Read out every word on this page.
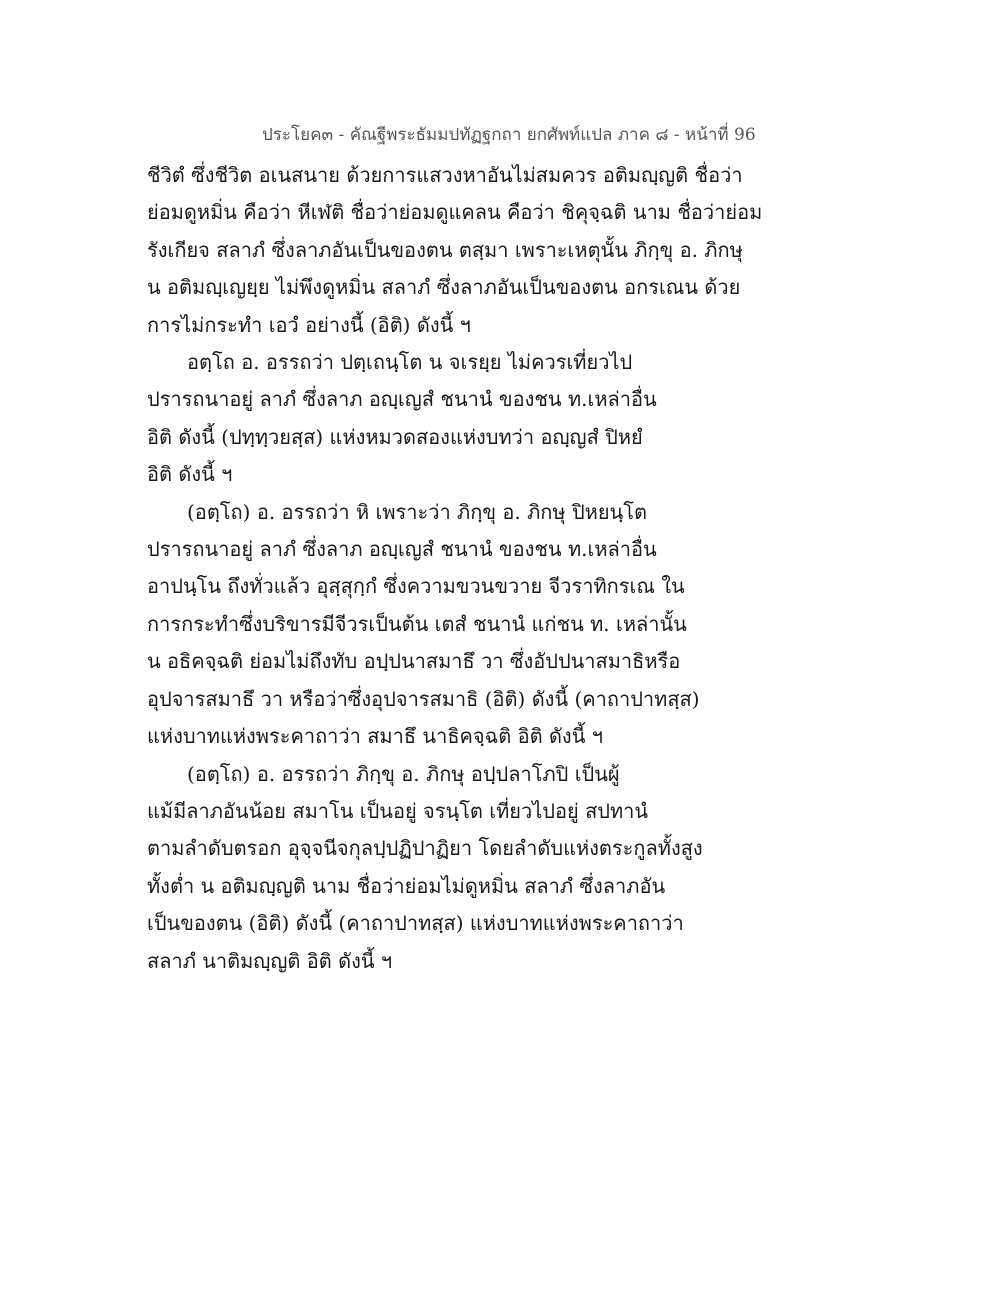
ประโยค๓ - คัณฐีพระธัมมปทัฏฐกถา ยกศัพท์แปล ภาค ๘ - หน้าที่ 96

ชีวิตํ ซึ่งชีวิต อเนสนาย ด้วยการแสวงหาอันไม่สมควร อติมญฺญติ ชื่อว่า
ย่อมดูหมิ่น คือว่า หีเฬติ ชื่อว่าย่อมดูแคลน คือว่า ชิคุจฺฉติ นาม ชื่อว่าย่อม
รังเกียจ สลาภํ ซึ่งลาภอันเป็นของตน ตสฺมา เพราะเหตุนั้น ภิกฺขุ อ. ภิกษุ
น อติมญฺเญยฺย ไม่พึงดูหมิ่น สลาภํ ซึ่งลาภอันเป็นของตน อกรเณน ด้วย
การไม่กระทำ เอวํ อย่างนี้ (อิติ) ดังนี้ ฯ

อตฺโถ อ. อรรถว่า ปตฺเถนฺโต น จเรยฺย ไม่ควรเที่ยวไป
ปรารถนาอยู่ ลาภํ ซึ่งลาภ อญฺเญสํ ชนานํ ของชน ท.เหล่าอื่น
อิติ ดังนี้ (ปทฺทฺวยสฺส) แห่งหมวดสองแห่งบทว่า อญฺญสํ ปิหยํ
อิติ ดังนี้ ฯ

(อตฺโถ) อ. อรรถว่า หิ เพราะว่า ภิกฺขุ อ. ภิกษุ ปิหยนฺโต
ปรารถนาอยู่ ลาภํ ซึ่งลาภ อญฺเญสํ ชนานํ ของชน ท.เหล่าอื่น
อาปนฺโน ถึงทั่วแล้ว อุสฺสุกฺกํ ซึ่งความขวนขวาย จีวราทิกรเณ ใน
การกระทำซึ่งบริขารมีจีวรเป็นต้น เตสํ ชนานํ แก่ชน ท. เหล่านั้น
น อธิคจฺฉติ ย่อมไม่ถึงทับ อปฺปนาสมาธึ วา ซึ่งอัปปนาสมาธิหรือ
อุปจารสมาธึ วา หรือว่าซึ่งอุปจารสมาธิ (อิติ) ดังนี้ (คาถาปาทสฺส)
แห่งบาทแห่งพระคาถาว่า สมาธึ นาธิคจฺฉติ อิติ ดังนี้ ฯ

(อตฺโถ) อ. อรรถว่า ภิกฺขุ อ. ภิกษุ อปฺปลาโภปิ เป็นผู้
แม้มีลาภอันน้อย สมาโน เป็นอยู่ จรนฺโต เที่ยวไปอยู่ สปทานํ
ตามลำดับตรอก อุจฺจนีจกุลปฺปฏิปาฏิยา โดยลำดับแห่งตระกูลทั้งสูง
ทั้งต่ำ น อติมญฺญติ นาม ชื่อว่าย่อมไม่ดูหมิ่น สลาภํ ซึ่งลาภอัน
เป็นของตน (อิติ) ดังนี้ (คาถาปาทสฺส) แห่งบาทแห่งพระคาถาว่า
สลาภํ นาติมญฺญติ อิติ ดังนี้ ฯ
